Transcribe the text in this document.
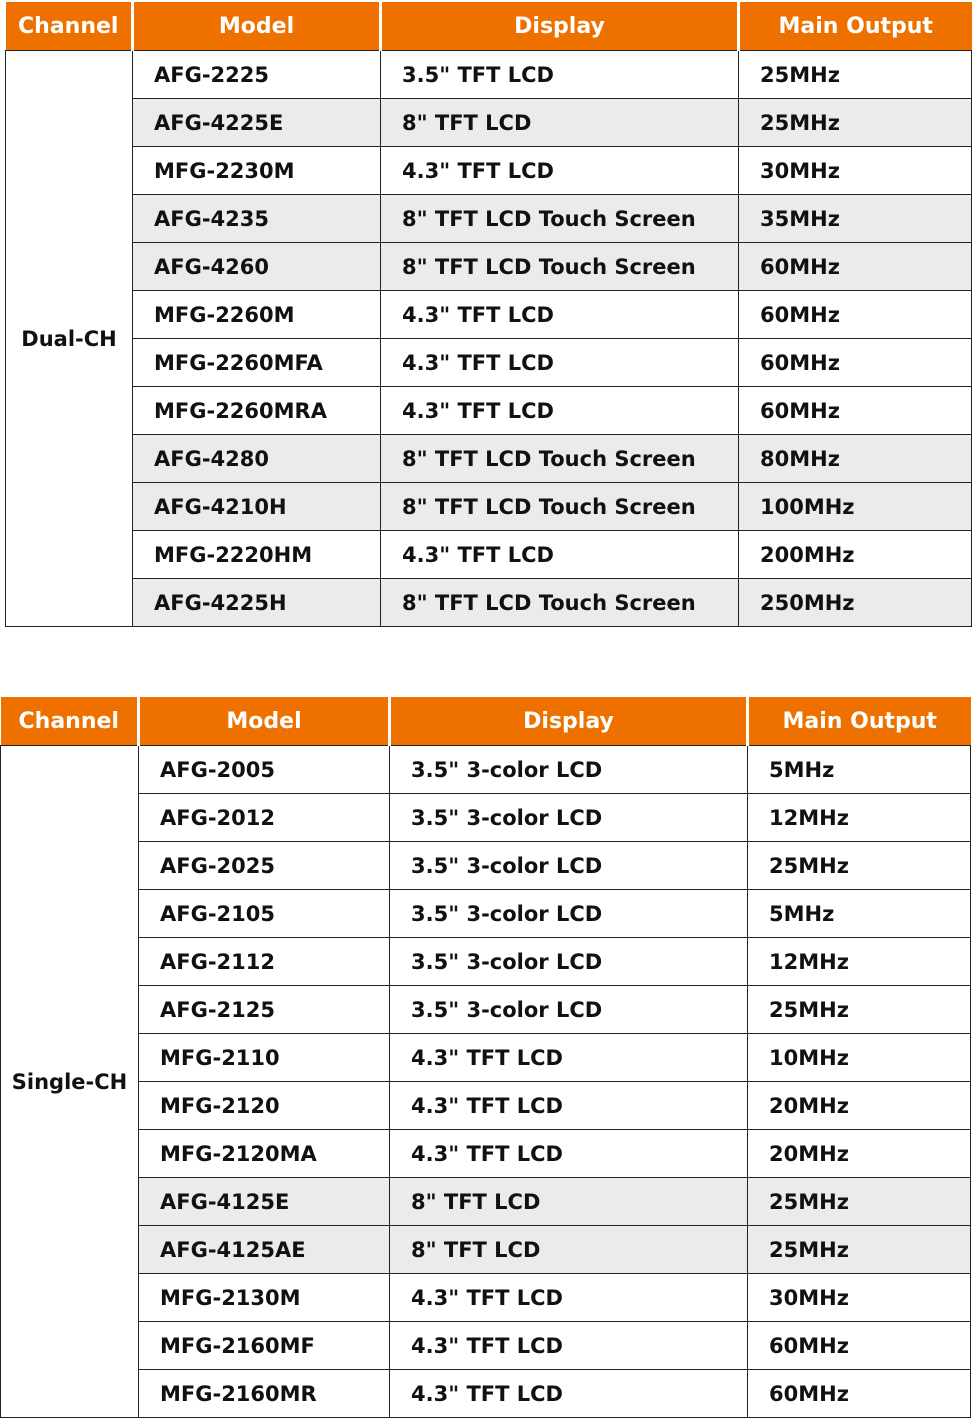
Channel	Model	Display	Main Output
Dual-CH	AFG-2225	3.5" TFT LCD	25MHz
	AFG-4225E	8" TFT LCD	25MHz
	MFG-2230M	4.3" TFT LCD	30MHz
	AFG-4235	8" TFT LCD Touch Screen	35MHz
	AFG-4260	8" TFT LCD Touch Screen	60MHz
	MFG-2260M	4.3" TFT LCD	60MHz
	MFG-2260MFA	4.3" TFT LCD	60MHz
	MFG-2260MRA	4.3" TFT LCD	60MHz
	AFG-4280	8" TFT LCD Touch Screen	80MHz
	AFG-4210H	8" TFT LCD Touch Screen	100MHz
	MFG-2220HM	4.3" TFT LCD	200MHz
	AFG-4225H	8" TFT LCD Touch Screen	250MHz
Channel	Model	Display	Main Output
Single-CH	AFG-2005	3.5" 3-color LCD	5MHz
	AFG-2012	3.5" 3-color LCD	12MHz
	AFG-2025	3.5" 3-color LCD	25MHz
	AFG-2105	3.5" 3-color LCD	5MHz
	AFG-2112	3.5" 3-color LCD	12MHz
	AFG-2125	3.5" 3-color LCD	25MHz
	MFG-2110	4.3" TFT LCD	10MHz
	MFG-2120	4.3" TFT LCD	20MHz
	MFG-2120MA	4.3" TFT LCD	20MHz
	AFG-4125E	8" TFT LCD	25MHz
	AFG-4125AE	8" TFT LCD	25MHz
	MFG-2130M	4.3" TFT LCD	30MHz
	MFG-2160MF	4.3" TFT LCD	60MHz
	MFG-2160MR	4.3" TFT LCD	60MHz
